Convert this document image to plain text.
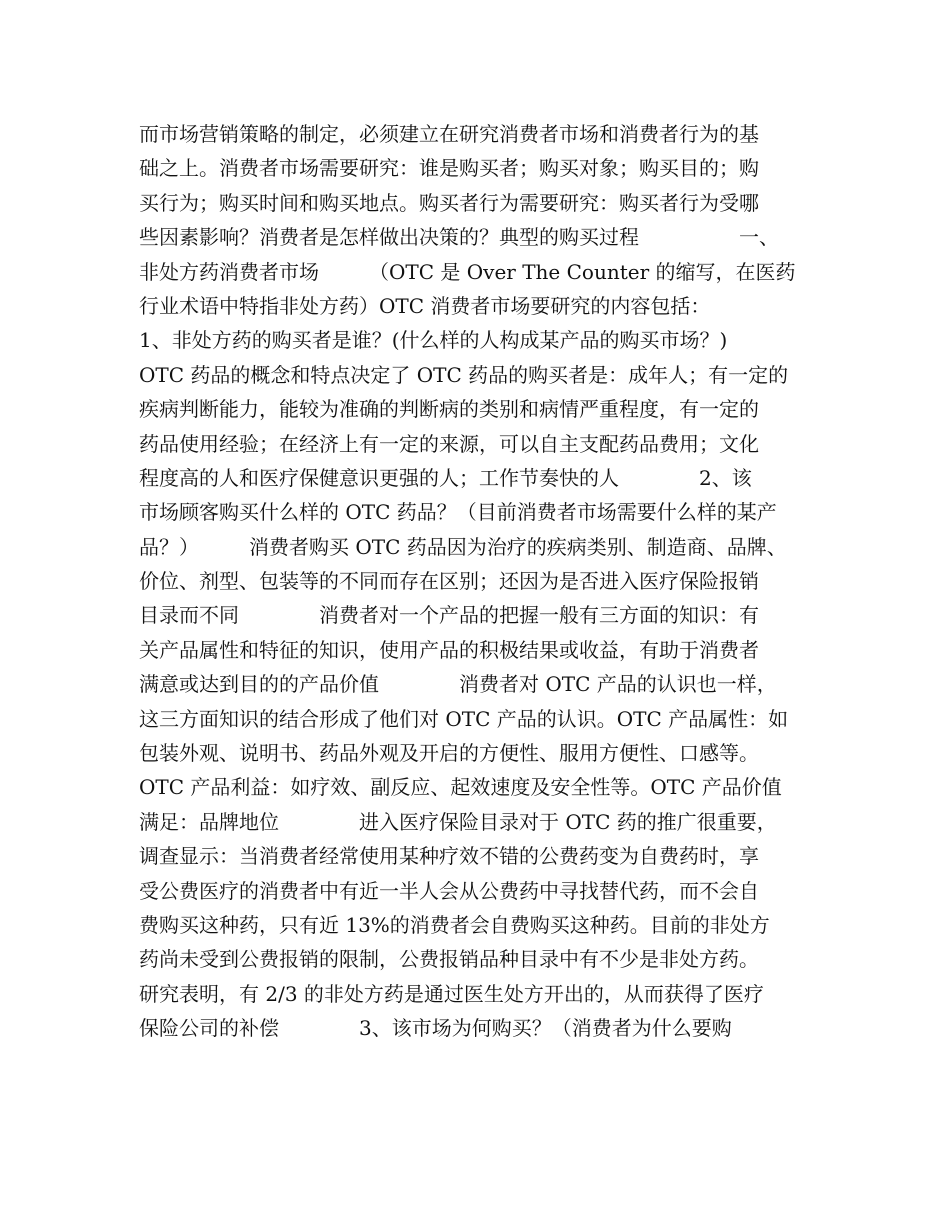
而市场营销策略的制定，必须建立在研究消费者市场和消费者行为的基
础之上。消费者市场需要研究：谁是购买者；购买对象；购买目的；购
买行为；购买时间和购买地点。购买者行为需要研究：购买者行为受哪
些因素影响？消费者是怎样做出决策的？典型的购买过程　　　　　一、
非处方药消费者市场　　　（OTC 是 Over The Counter 的缩写，在医药
行业术语中特指非处方药）OTC 消费者市场要研究的内容包括：
1、非处方药的购买者是谁？(什么样的人构成某产品的购买市场？)
OTC 药品的概念和特点决定了 OTC 药品的购买者是：成年人；有一定的
疾病判断能力，能较为准确的判断病的类别和病情严重程度，有一定的
药品使用经验；在经济上有一定的来源，可以自主支配药品费用；文化
程度高的人和医疗保健意识更强的人；工作节奏快的人　　　　2、该
市场顾客购买什么样的 OTC 药品？（目前消费者市场需要什么样的某产
品？）　　　消费者购买 OTC 药品因为治疗的疾病类别、制造商、品牌、
价位、剂型、包装等的不同而存在区别；还因为是否进入医疗保险报销
目录而不同　　　　消费者对一个产品的把握一般有三方面的知识：有
关产品属性和特征的知识，使用产品的积极结果或收益，有助于消费者
满意或达到目的的产品价值　　　　消费者对 OTC 产品的认识也一样，
这三方面知识的结合形成了他们对 OTC 产品的认识。OTC 产品属性：如
包装外观、说明书、药品外观及开启的方便性、服用方便性、口感等。
OTC 产品利益：如疗效、副反应、起效速度及安全性等。OTC 产品价值
满足：品牌地位　　　　进入医疗保险目录对于 OTC 药的推广很重要，
调查显示：当消费者经常使用某种疗效不错的公费药变为自费药时，享
受公费医疗的消费者中有近一半人会从公费药中寻找替代药，而不会自
费购买这种药，只有近 13%的消费者会自费购买这种药。目前的非处方
药尚未受到公费报销的限制，公费报销品种目录中有不少是非处方药。
研究表明，有 2/3 的非处方药是通过医生处方开出的，从而获得了医疗
保险公司的补偿　　　　3、该市场为何购买？（消费者为什么要购
